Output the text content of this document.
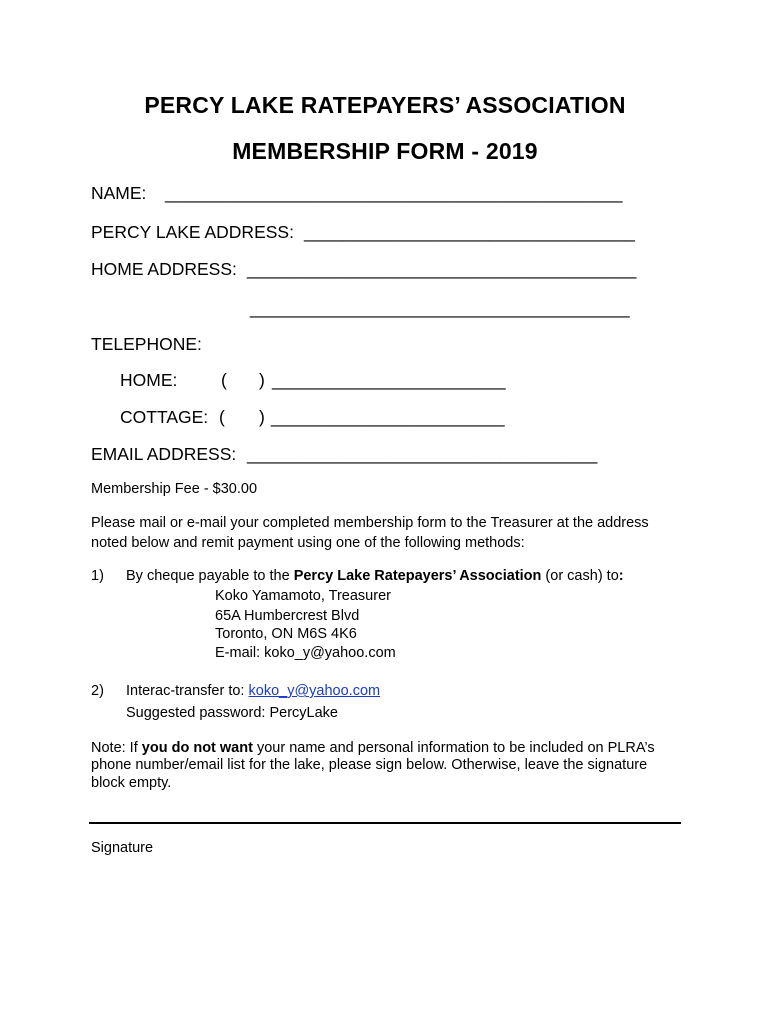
PERCY LAKE RATEPAYERS’ ASSOCIATION
MEMBERSHIP FORM - 2019
NAME: _______________________________________________
PERCY LAKE ADDRESS: __________________________________
HOME ADDRESS: ________________________________________
_______________________________________
TELEPHONE:
HOME: ( ) ________________________
COTTAGE: ( ) ________________________
EMAIL ADDRESS: ____________________________________
Membership Fee - $30.00
Please mail or e-mail your completed membership form to the Treasurer at the address
noted below and remit payment using one of the following methods:
1) By cheque payable to the Percy Lake Ratepayers’ Association (or cash) to:
Koko Yamamoto, Treasurer
65A Humbercrest Blvd
Toronto, ON M6S 4K6
E-mail: koko_y@yahoo.com
2) Interac-transfer to: koko_y@yahoo.com
Suggested password: PercyLake
Note: If you do not want your name and personal information to be included on PLRA’s
phone number/email list for the lake, please sign below. Otherwise, leave the signature
block empty.
Signature
